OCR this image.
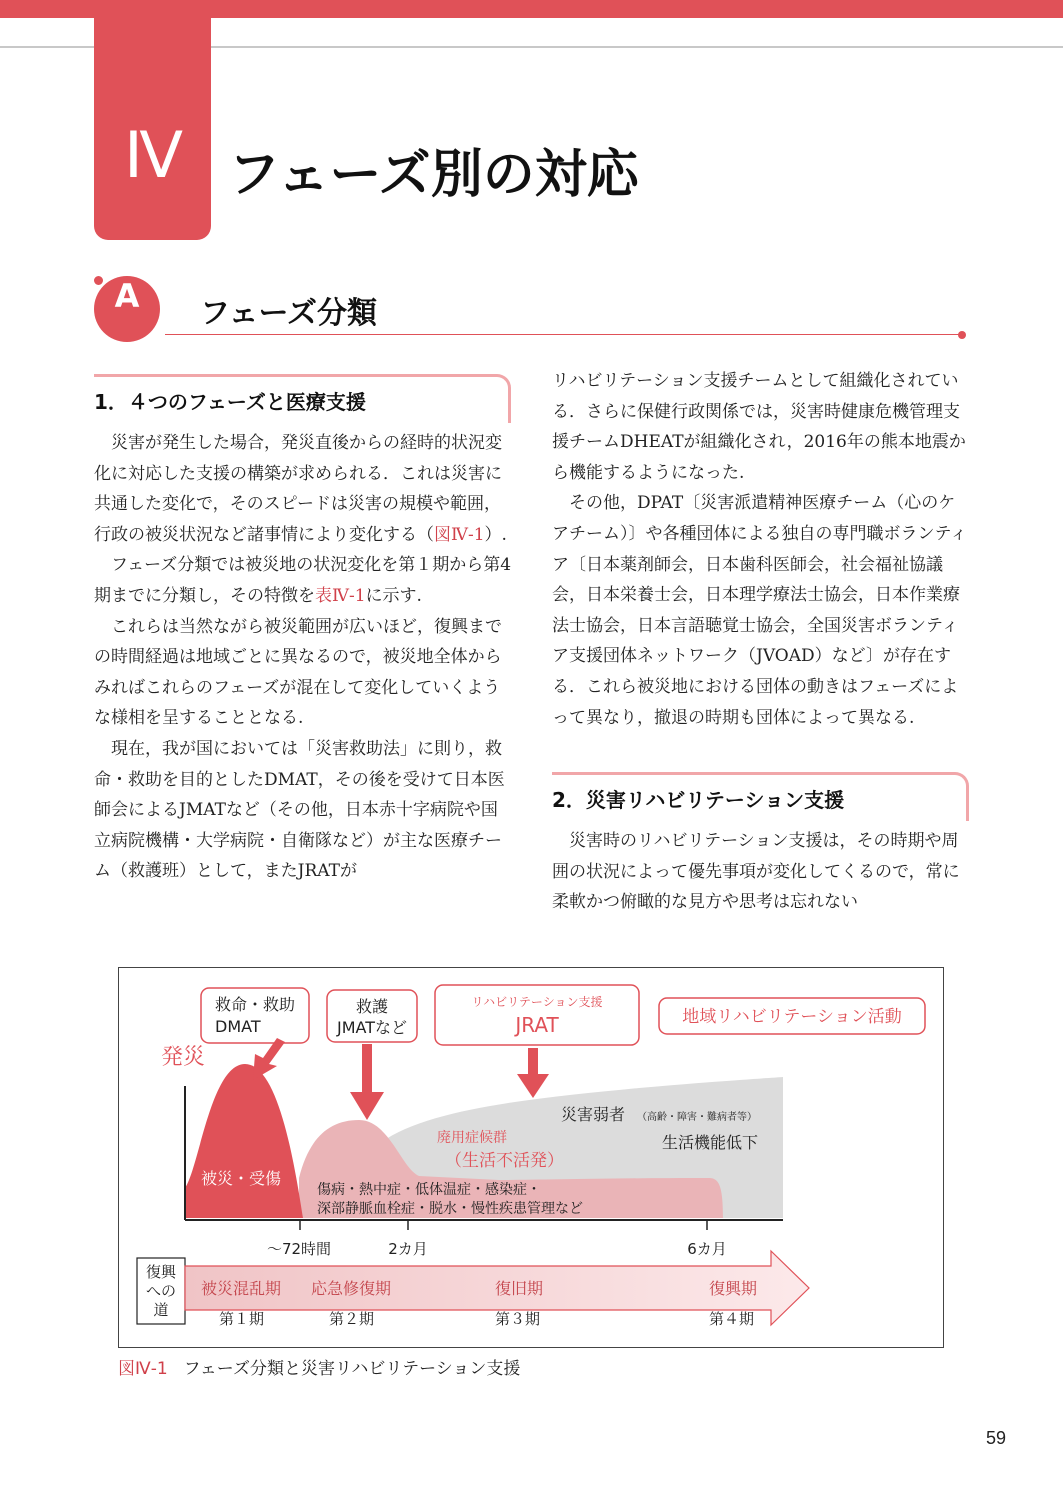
Ⅳ フェーズ別の対応
A	フェーズ分類
1．４つのフェーズと医療支援

災害が発生した場合，発災直後からの経時的状況変化に対応した支援の構築が求められる．これは災害に共通した変化で，そのスピードは災害の規模や範囲，行政の被災状況など諸事情により変化する（図Ⅳ-1）.

フェーズ分類では被災地の状況変化を第１期から第4期までに分類し，その特徴を表Ⅳ-1に示す.

これらは当然ながら被災範囲が広いほど，復興までの時間経過は地域ごとに異なるので，被災地全体からみればこれらのフェーズが混在して変化していくような様相を呈することとなる.

現在，我が国においては「災害救助法」に則り，救命・救助を目的としたDMAT，その後を受けて日本医師会によるJMATなど（その他，日本赤十字病院や国立病院機構・大学病院・自衛隊など）が主な医療チーム（救護班）として，またJRATが

リハビリテーション支援チームとして組織化されている．さらに保健行政関係では，災害時健康危機管理支援チームDHEATが組織化され，2016年の熊本地震から機能するようになった.

その他，DPAT〔災害派遣精神医療チーム（心のケアチーム）〕や各種団体による独自の専門職ボランティア〔日本薬剤師会，日本歯科医師会，社会福祉協議会，日本栄養士会，日本理学療法士協会，日本作業療法士協会，日本言語聴覚士協会，全国災害ボランティア支援団体ネットワーク（JVOAD）など〕が存在する．これら被災地における団体の動きはフェーズによって異なり，撤退の時期も団体によって異なる.

2．災害リハビリテーション支援

災害時のリハビリテーション支援は，その時期や周囲の状況によって優先事項が変化してくるので，常に柔軟かつ俯瞰的な見方や思考は忘れない

救命・救助
DMAT
救護
JMATなど
リハビリテーション支援
JRAT	地域リハビリテーション活動
発災
被災・受傷
廃用症候群
（生活不活発）
災害弱者 （高齢・障害・難病者等）
生活機能低下
傷病・熱中症・低体温症・感染症・
深部静脈血栓症・脱水・慢性疾患管理など
〜72時間	2カ月	6カ月
復興
への
道
被災混乱期 応急修復期	復旧期	復興期
第１期	第２期	第３期	第４期
図Ⅳ-1 フェーズ分類と災害リハビリテーション支援
59
